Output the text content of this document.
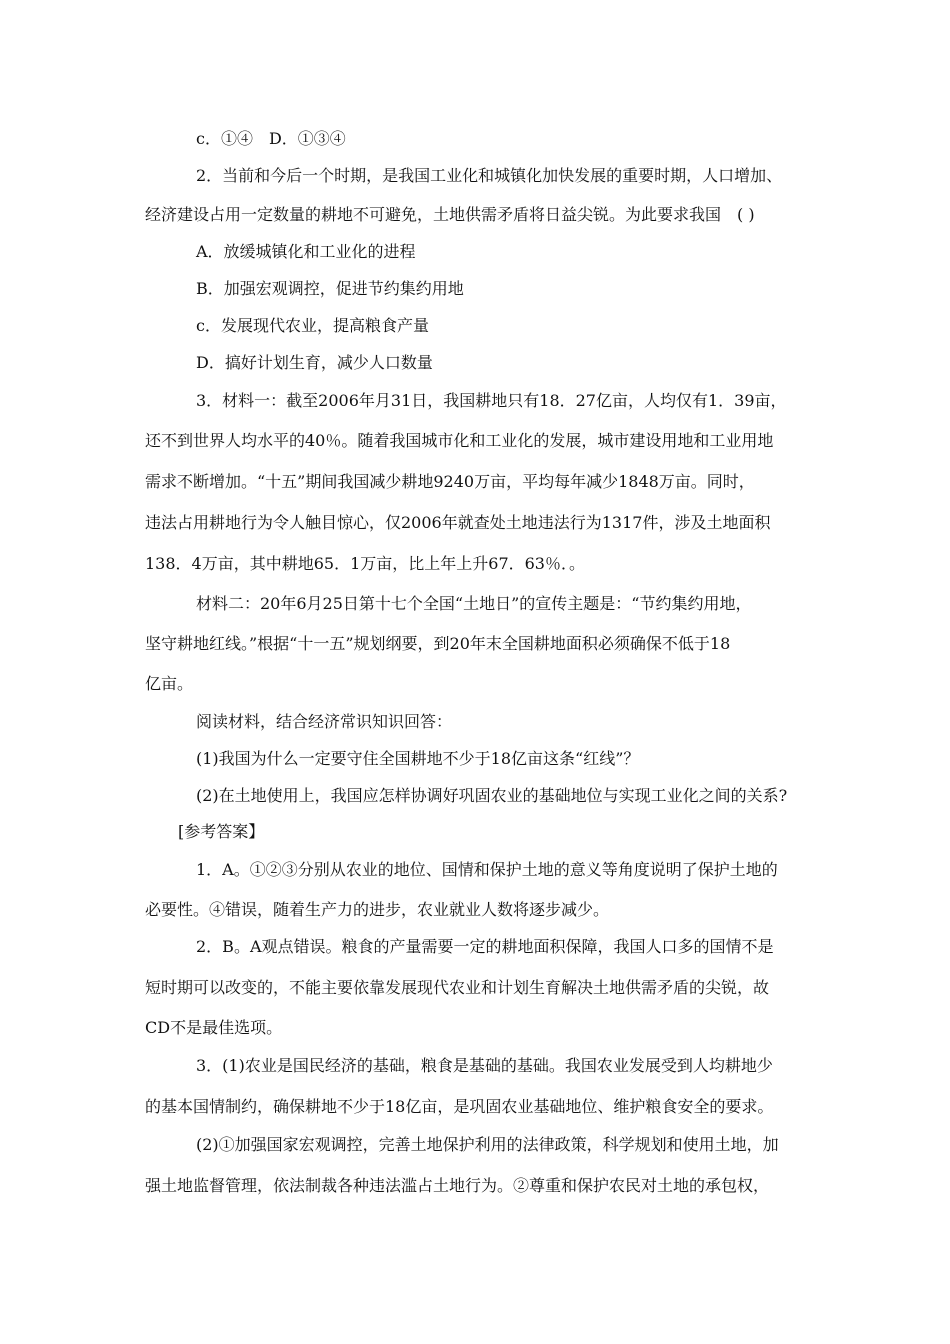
c．①④　D．①③④
2．当前和今后一个时期，是我国工业化和城镇化加快发展的重要时期，人口增加、
经济建设占用一定数量的耕地不可避免，土地供需矛盾将日益尖锐。为此要求我国　( )
A．放缓城镇化和工业化的进程
B．加强宏观调控，促进节约集约用地
c．发展现代农业，提高粮食产量
D．搞好计划生育，减少人口数量
3．材料一：截至2006年月31日，我国耕地只有18．27亿亩，人均仅有1．39亩，
还不到世界人均水平的40％。随着我国城市化和工业化的发展，城市建设用地和工业用地
需求不断增加。“十五”期间我国减少耕地9240万亩，平均每年减少1848万亩。同时，
违法占用耕地行为令人触目惊心，仅2006年就查处土地违法行为1317件，涉及土地面积
138．4万亩，其中耕地65．1万亩，比上年上升67．63％．。
材料二：20年6月25日第十七个全国“土地日”的宣传主题是：“节约集约用地，
坚守耕地红线。”根据“十一五”规划纲要，到20年末全国耕地面积必须确保不低于18
亿亩。
阅读材料，结合经济常识知识回答：
(1)我国为什么一定要守住全国耕地不少于18亿亩这条“红线”？
(2)在土地使用上，我国应怎样协调好巩固农业的基础地位与实现工业化之间的关系?
[参考答案】
1．A。①②③分别从农业的地位、国情和保护土地的意义等角度说明了保护土地的
必要性。④错误，随着生产力的进步，农业就业人数将逐步减少。
2．B。A观点错误。粮食的产量需要一定的耕地面积保障，我国人口多的国情不是
短时期可以改变的，不能主要依靠发展现代农业和计划生育解决土地供需矛盾的尖锐，故
CD不是最佳选项。
3．(1)农业是国民经济的基础，粮食是基础的基础。我国农业发展受到人均耕地少
的基本国情制约，确保耕地不少于18亿亩，是巩固农业基础地位、维护粮食安全的要求。
(2)①加强国家宏观调控，完善土地保护利用的法律政策，科学规划和使用土地，加
强土地监督管理，依法制裁各种违法滥占土地行为。②尊重和保护农民对土地的承包权，
